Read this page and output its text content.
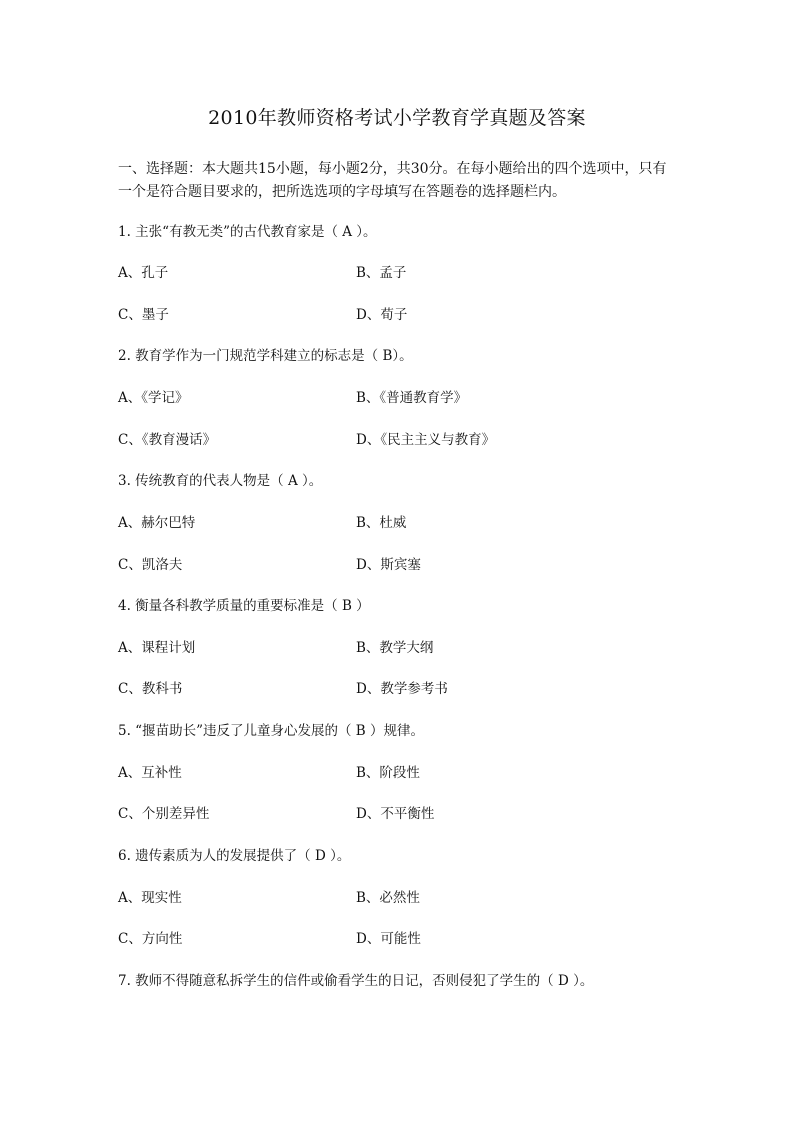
2010年教师资格考试小学教育学真题及答案
一、选择题：本大题共15小题，每小题2分，共30分。在每小题给出的四个选项中，只有一个是符合题目要求的，把所选选项的字母填写在答题卷的选择题栏内。
1. 主张“有教无类”的古代教育家是（ A ）。
A、孔子	B、孟子
C、墨子	D、荀子
2. 教育学作为一门规范学科建立的标志是（ B）。
A、《学记》	B、《普通教育学》
C、《教育漫话》	D、《民主主义与教育》
3. 传统教育的代表人物是（ A ）。
A、赫尔巴特	B、杜威
C、凯洛夫	D、斯宾塞
4. 衡量各科教学质量的重要标准是（ B ）
A、课程计划	B、教学大纲
C、教科书	D、教学参考书
5. “揠苗助长”违反了儿童身心发展的（ B ）规律。
A、互补性	B、阶段性
C、个别差异性	D、不平衡性
6. 遗传素质为人的发展提供了（ D ）。
A、现实性	B、必然性
C、方向性	D、可能性
7. 教师不得随意私拆学生的信件或偷看学生的日记，否则侵犯了学生的（ D ）。
